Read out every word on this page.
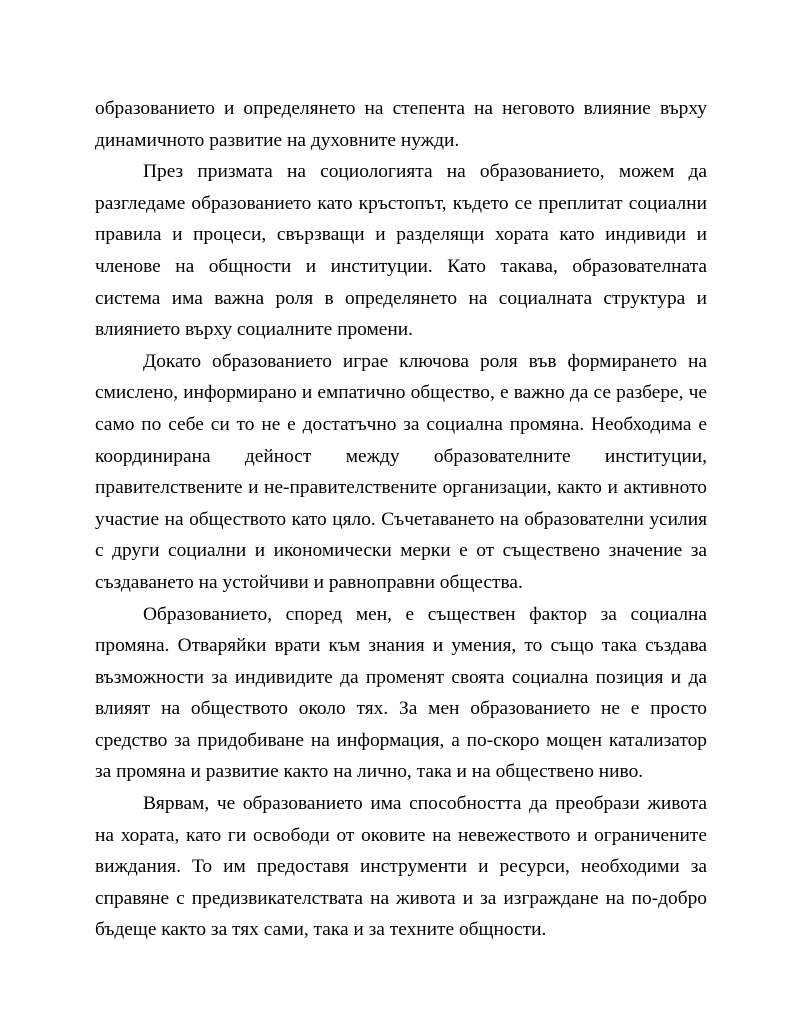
образованието и определянето на степента на неговото влияние върху динамичното развитие на духовните нужди.

През призмата на социологията на образованието, можем да разгледаме образованието като кръстопът, където се преплитат социални правила и процеси, свързващи и разделящи хората като индивиди и членове на общности и институции. Като такава, образователната система има важна роля в определянето на социалната структура и влиянието върху социалните промени.

Докато образованието играе ключова роля във формирането на смислено, информирано и емпатично общество, е важно да се разбере, че само по себе си то не е достатъчно за социална промяна. Необходима е координирана дейност между образователните институции, правителствените и не-правителствените организации, както и активното участие на обществото като цяло. Съчетаването на образователни усилия с други социални и икономически мерки е от съществено значение за създаването на устойчиви и равноправни общества.

Образованието, според мен, е съществен фактор за социална промяна. Отваряйки врати към знания и умения, то също така създава възможности за индивидите да променят своята социална позиция и да влияят на обществото около тях. За мен образованието не е просто средство за придобиване на информация, а по-скоро мощен катализатор за промяна и развитие както на лично, така и на обществено ниво.

Вярвам, че образованието има способността да преобрази живота на хората, като ги освободи от оковите на невежеството и ограничените виждания. То им предоставя инструменти и ресурси, необходими за справяне с предизвикателствата на живота и за изграждане на по-добро бъдеще както за тях сами, така и за техните общности.
